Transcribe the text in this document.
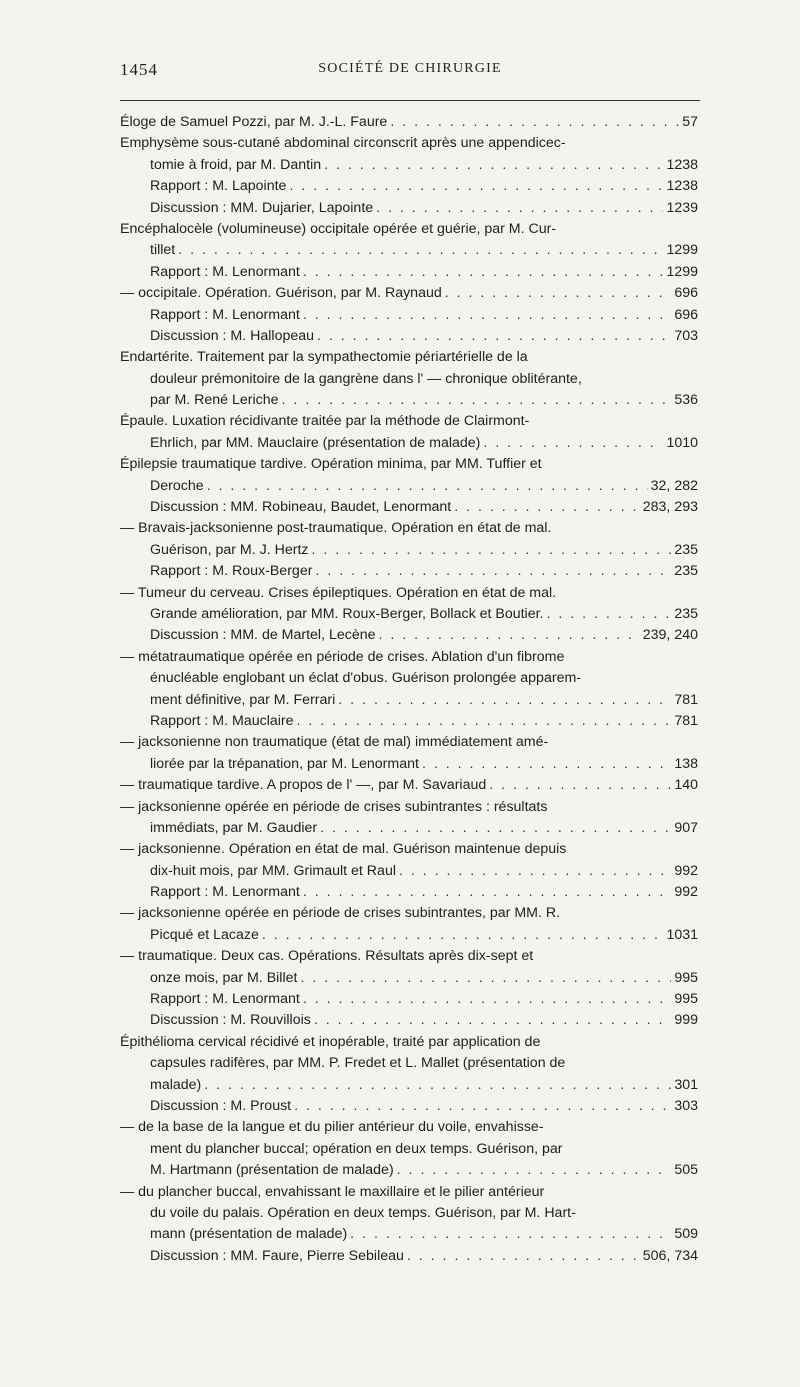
1454	SOCIÉTÉ DE CHIRURGIE
Éloge de Samuel Pozzi, par M. J.-L. Faure . . .	57
Emphysème sous-cutané abdominal circonscrit après une appendicec-
tomie à froid, par M. Dantin . . .	1238
Rapport : M. Lapointe . . .	1238
Discussion : MM. Dujarier, Lapointe . . .	1239
Encéphalocèle (volumineuse) occipitale opérée et guérie, par M. Cur-
tillet . . .	1299
Rapport : M. Lenormant . . .	1299
— occipitale. Opération. Guérison, par M. Raynaud . . .	696
Rapport : M. Lenormant . . .	696
Discussion : M. Hallopeau . . .	703
Endartérite. Traitement par la sympathectomie périartérielle de la
douleur prémonitoire de la gangrène dans l' — chronique oblitérante,
par M. René Leriche . . .	536
Épaule. Luxation récidivante traitée par la méthode de Clairmont-
Ehrlich, par MM. Mauclaire (présentation de malade) . . .	1010
Épilepsie traumatique tardive. Opération minima, par MM. Tuffier et
Deroche . . .	32, 282
Discussion : MM. Robineau, Baudet, Lenormant . . .	283, 293
— Bravais-jacksonienne post-traumatique. Opération en état de mal.
Guérison, par M. J. Hertz . . .	235
Rapport : M. Roux-Berger . . .	235
— Tumeur du cerveau. Crises épileptiques. Opération en état de mal.
Grande amélioration, par MM. Roux-Berger, Bollack et Boutier. . . .	235
Discussion : MM. de Martel, Lecène . . .	239, 240
— métatraumatique opérée en période de crises. Ablation d'un fibrome
énucléable englobant un éclat d'obus. Guérison prolongée apparem-
ment définitive, par M. Ferrari . . .	781
Rapport : M. Mauclaire . . .	781
— jacksonienne non traumatique (état de mal) immédiatement amé-
liorée par la trépanation, par M. Lenormant . . .	138
— traumatique tardive. A propos de l' —, par M. Savariaud . . .	140
— jacksonienne opérée en période de crises subintrantes : résultats
immédiats, par M. Gaudier . . .	907
— jacksonienne. Opération en état de mal. Guérison maintenue depuis
dix-huit mois, par MM. Grimault et Raul . . .	992
Rapport : M. Lenormant . . .	992
— jacksonienne opérée en période de crises subintrantes, par MM. R.
Picqué et Lacaze . . .	1031
— traumatique. Deux cas. Opérations. Résultats après dix-sept et
onze mois, par M. Billet . . .	995
Rapport : M. Lenormant . . .	995
Discussion : M. Rouvillois . . .	999
Épithélioma cervical récidivé et inopérable, traité par application de
capsules radifères, par MM. P. Fredet et L. Mallet (présentation de
malade) . . .	301
Discussion : M. Proust . . .	303
— de la base de la langue et du pilier antérieur du voile, envahisse-
ment du plancher buccal; opération en deux temps. Guérison, par
M. Hartmann (présentation de malade) . . .	505
— du plancher buccal, envahissant le maxillaire et le pilier antérieur
du voile du palais. Opération en deux temps. Guérison, par M. Hart-
mann (présentation de malade) . . .	509
Discussion : MM. Faure, Pierre Sebileau . . .	506, 734
